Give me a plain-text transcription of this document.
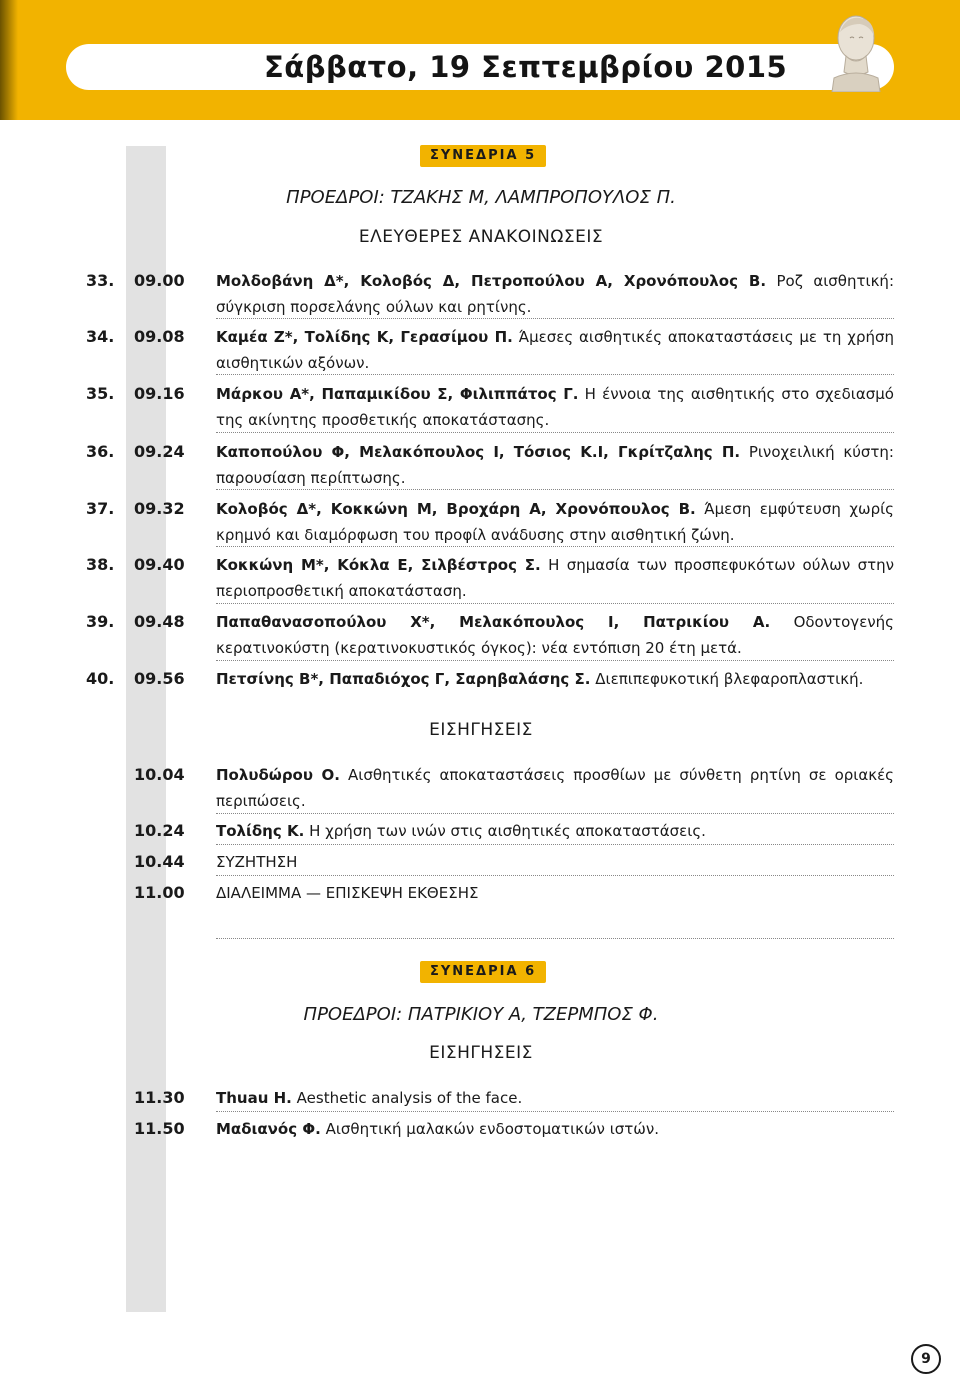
Σάββατο, 19 Σεπτεμβρίου 2015
ΣΥΝΕΔΡΙΑ 5
ΠΡΟΕΔΡΟΙ: ΤΖΑΚΗΣ Μ, ΛΑΜΠΡΟΠΟΥΛΟΣ Π.
ΕΛΕΥΘΕΡΕΣ ΑΝΑΚΟΙΝΩΣΕΙΣ
33.	09.00	Μολδοβάνη Δ*, Κολοβός Δ, Πετροπούλου Α, Χρονόπουλος Β. Ροζ αισθητική: σύγκριση πορσελάνης ούλων και ρητίνης.
34.	09.08	Καμέα Ζ*, Τολίδης Κ, Γερασίμου Π. Άμεσες αισθητικές αποκαταστάσεις με τη χρήση αισθητικών αξόνων.
35.	09.16	Μάρκου Α*, Παπαμικίδου Σ, Φιλιππάτος Γ. Η έννοια της αισθητικής στο σχεδιασμό της ακίνητης προσθετικής αποκατάστασης.
36.	09.24	Καποπούλου Φ, Μελακόπουλος Ι, Τόσιος Κ.Ι, Γκρίτζαλης Π. Ρινοχειλική κύστη: παρουσίαση περίπτωσης.
37.	09.32	Κολοβός Δ*, Κοκκώνη Μ, Βροχάρη Α, Χρονόπουλος Β. Άμεση εμφύτευση χωρίς κρημνό και διαμόρφωση του προφίλ ανάδυσης στην αισθητική ζώνη.
38.	09.40	Κοκκώνη Μ*, Κόκλα Ε, Σιλβέστρος Σ. Η σημασία των προσπεφυκότων ούλων στην περιοπροσθετική αποκατάσταση.
39.	09.48	Παπαθανασοπούλου Χ*, Μελακόπουλος Ι, Πατρικίου Α. Οδοντογενής κερατινοκύστη (κερατινοκυστικός όγκος): νέα εντόπιση 20 έτη μετά.
40.	09.56	Πετσίνης Β*, Παπαδιόχος Γ, Σαρηβαλάσης Σ. Διεπιπεφυκοτική βλεφαροπλαστική.
ΕΙΣΗΓΗΣΕΙΣ
10.04	Πολυδώρου Ο. Αισθητικές αποκαταστάσεις προσθίων με σύνθετη ρητίνη σε οριακές περιπώσεις.
10.24	Τολίδης Κ. Η χρήση των ινών στις αισθητικές αποκαταστάσεις.
10.44	ΣΥΖΗΤΗΣΗ
11.00	ΔΙΑΛΕΙΜΜΑ — ΕΠΙΣΚΕΨΗ ΕΚΘΕΣΗΣ
ΣΥΝΕΔΡΙΑ 6
ΠΡΟΕΔΡΟΙ: ΠΑΤΡΙΚΙΟΥ Α, ΤΖΕΡΜΠΟΣ Φ.
ΕΙΣΗΓΗΣΕΙΣ
11.30	Thuau H. Aesthetic analysis of the face.
11.50	Μαδιανός Φ. Αισθητική μαλακών ενδοστοματικών ιστών.
9
